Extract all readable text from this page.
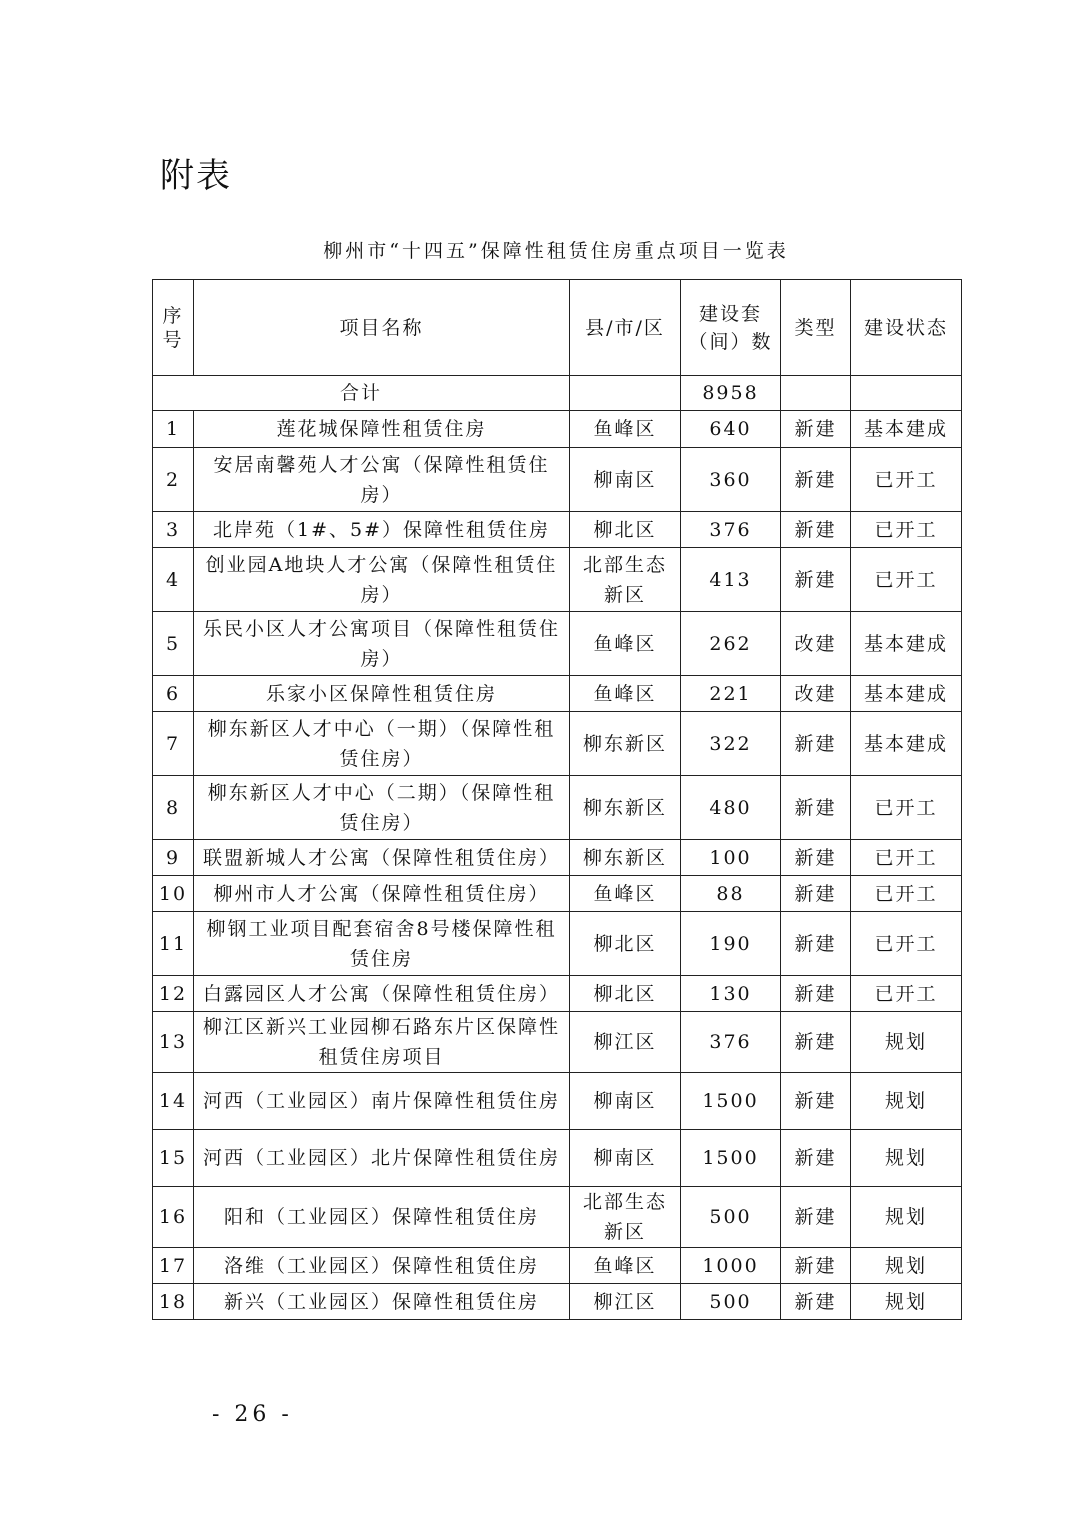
附表
柳州市“十四五”保障性租赁住房重点项目一览表
序号	项目名称	县/市/区	建设套（间）数	类型	建设状态
合计			8958		
1	莲花城保障性租赁住房	鱼峰区	640	新建	基本建成
2	安居南馨苑人才公寓（保障性租赁住房）	柳南区	360	新建	已开工
3	北岸苑（1#、5#）保障性租赁住房	柳北区	376	新建	已开工
4	创业园A地块人才公寓（保障性租赁住房）	北部生态新区	413	新建	已开工
5	乐民小区人才公寓项目（保障性租赁住房）	鱼峰区	262	改建	基本建成
6	乐家小区保障性租赁住房	鱼峰区	221	改建	基本建成
7	柳东新区人才中心（一期）（保障性租赁住房）	柳东新区	322	新建	基本建成
8	柳东新区人才中心（二期）（保障性租赁住房）	柳东新区	480	新建	已开工
9	联盟新城人才公寓（保障性租赁住房）	柳东新区	100	新建	已开工
10	柳州市人才公寓（保障性租赁住房）	鱼峰区	88	新建	已开工
11	柳钢工业项目配套宿舍8号楼保障性租赁住房	柳北区	190	新建	已开工
12	白露园区人才公寓（保障性租赁住房）	柳北区	130	新建	已开工
13	柳江区新兴工业园柳石路东片区保障性租赁住房项目	柳江区	376	新建	规划
14	河西（工业园区）南片保障性租赁住房	柳南区	1500	新建	规划
15	河西（工业园区）北片保障性租赁住房	柳南区	1500	新建	规划
16	阳和（工业园区）保障性租赁住房	北部生态新区	500	新建	规划
17	洛维（工业园区）保障性租赁住房	鱼峰区	1000	新建	规划
18	新兴（工业园区）保障性租赁住房	柳江区	500	新建	规划
- 26 -
